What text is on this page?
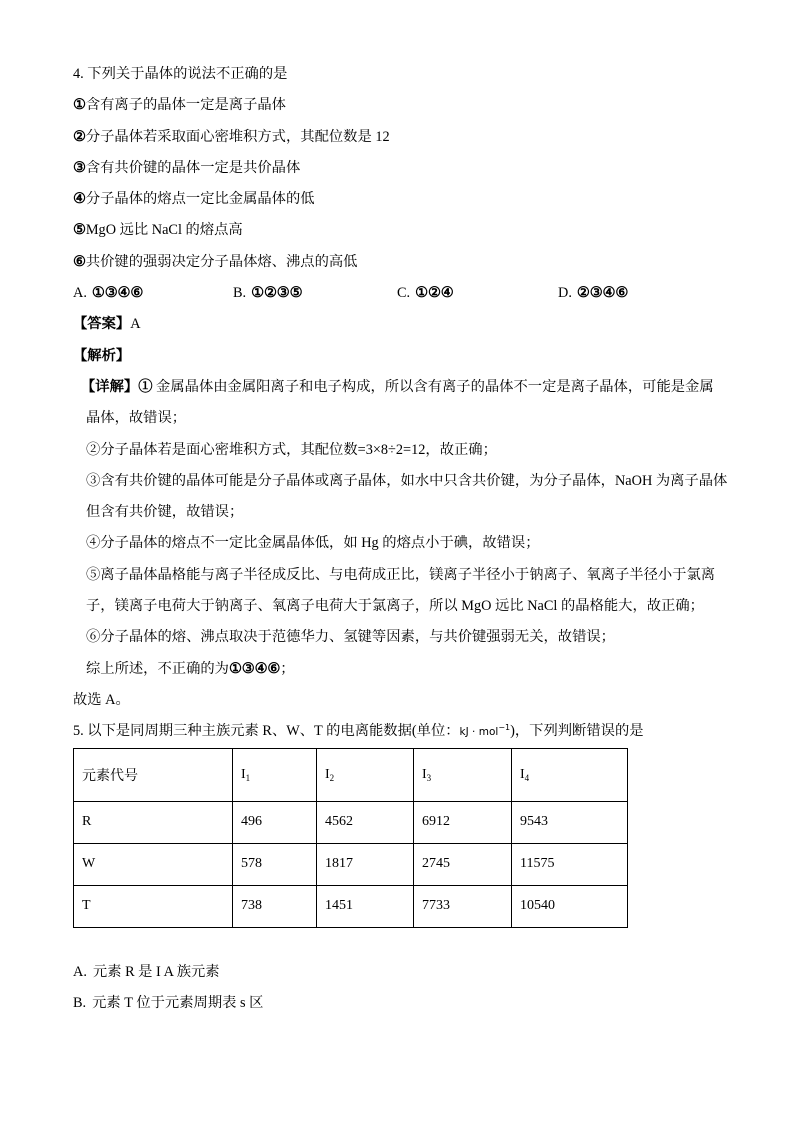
4. 下列关于晶体的说法不正确的是
①含有离子的晶体一定是离子晶体
②分子晶体若采取面心密堆积方式，其配位数是 12
③含有共价键的晶体一定是共价晶体
④分子晶体的熔点一定比金属晶体的低
⑤MgO 远比 NaCl 的熔点高
⑥共价键的强弱决定分子晶体熔、沸点的高低
A. ①③④⑥	B. ①②③⑤	C. ①②④	D. ②③④⑥
【答案】A
【解析】
【详解】① 金属晶体由金属阳离子和电子构成，所以含有离子的晶体不一定是离子晶体，可能是金属
晶体，故错误；
②分子晶体若是面心密堆积方式，其配位数=3×8÷2=12，故正确；
③含有共价键的晶体可能是分子晶体或离子晶体，如水中只含共价键，为分子晶体，NaOH 为离子晶体
但含有共价键，故错误；
④分子晶体的熔点不一定比金属晶体低，如 Hg 的熔点小于碘，故错误；
⑤离子晶体晶格能与离子半径成反比、与电荷成正比，镁离子半径小于钠离子、氧离子半径小于氯离
子，镁离子电荷大于钠离子、氧离子电荷大于氯离子，所以 MgO 远比 NaCl 的晶格能大，故正确；
⑥分子晶体的熔、沸点取决于范德华力、氢键等因素，与共价键强弱无关，故错误；
综上所述，不正确的为①③④⑥；
故选 A。
5. 以下是同周期三种主族元素 R、W、T 的电离能数据(单位：kJ · mol$^{-1}$)，下列判断错误的是
元素代号	$I_1$	$I_2$	$I_3$	$I_4$
R	496	4562	6912	9543
W	578	1817	2745	11575
T	738	1451	7733	10540
A. 元素 R 是 I A 族元素
B. 元素 T 位于元素周期表 s 区
